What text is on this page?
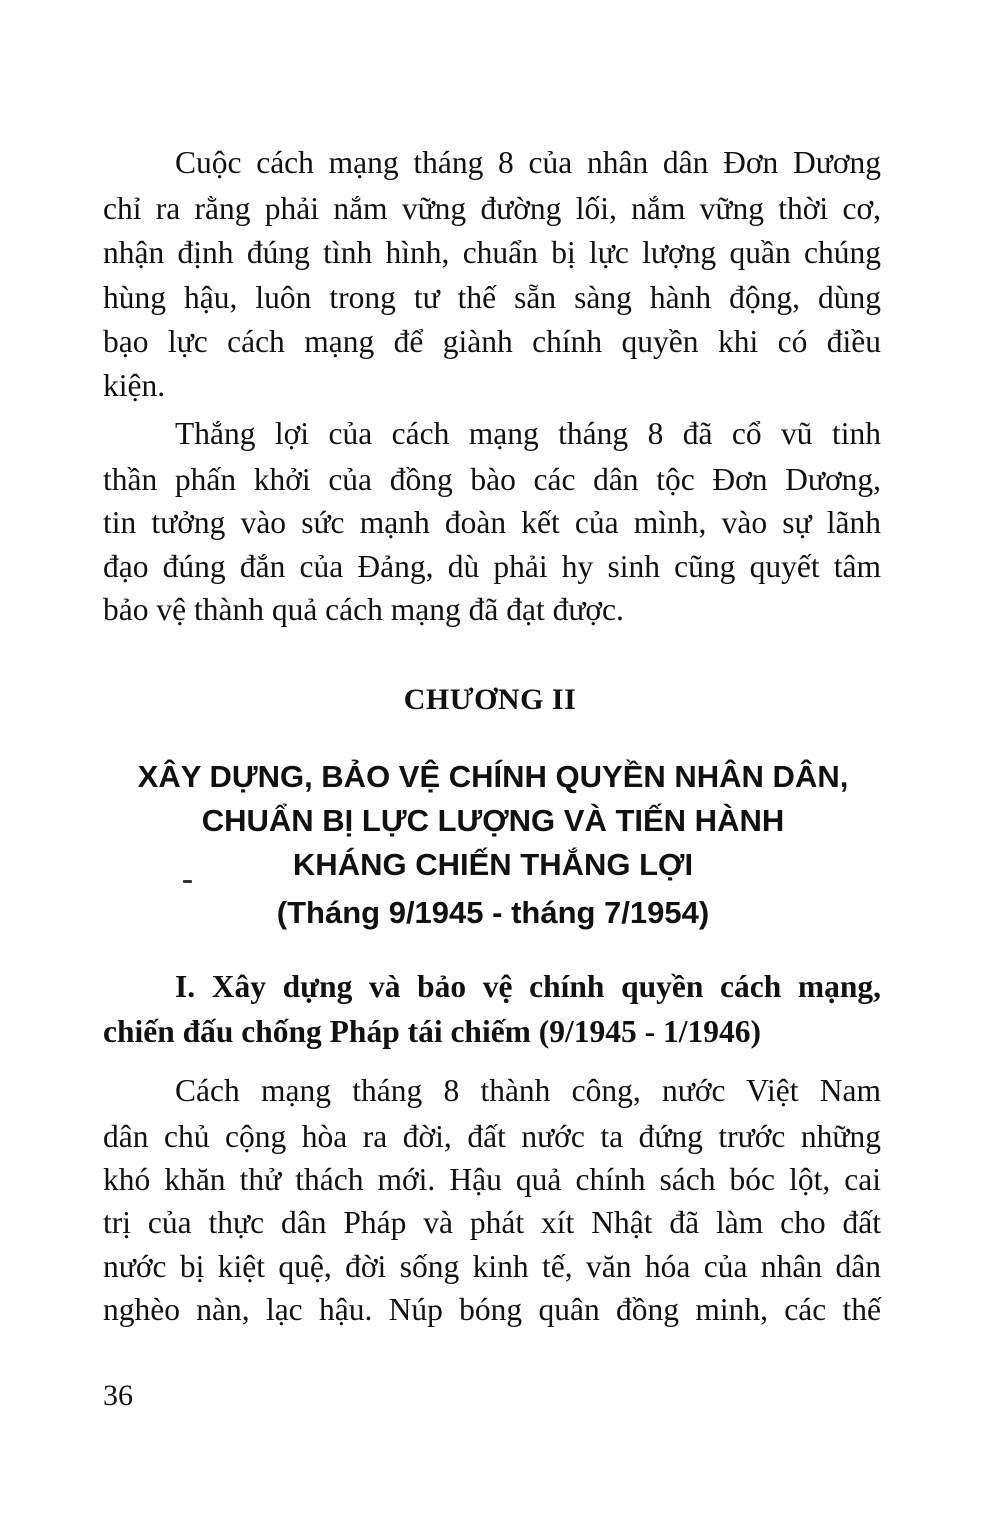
Cuộc cách mạng tháng 8 của nhân dân Đơn Dương
chỉ ra rằng phải nắm vững đường lối, nắm vững thời cơ,
nhận định đúng tình hình, chuẩn bị lực lượng quần chúng
hùng hậu, luôn trong tư thế sẵn sàng hành động, dùng
bạo lực cách mạng để giành chính quyền khi có điều
kiện.
Thắng lợi của cách mạng tháng 8 đã cổ vũ tinh
thần phấn khởi của đồng bào các dân tộc Đơn Dương,
tin tưởng vào sức mạnh đoàn kết của mình, vào sự lãnh
đạo đúng đắn của Đảng, dù phải hy sinh cũng quyết tâm
bảo vệ thành quả cách mạng đã đạt được.
CHƯƠNG II
XÂY DỰNG, BẢO VỆ CHÍNH QUYỀN NHÂN DÂN,
CHUẨN BỊ LỰC LƯỢNG VÀ TIẾN HÀNH
KHÁNG CHIẾN THẮNG LỢI
(Tháng 9/1945 - tháng 7/1954)
I. Xây dựng và bảo vệ chính quyền cách mạng,
chiến đấu chống Pháp tái chiếm (9/1945 - 1/1946)
Cách mạng tháng 8 thành công, nước Việt Nam
dân chủ cộng hòa ra đời, đất nước ta đứng trước những
khó khăn thử thách mới. Hậu quả chính sách bóc lột, cai
trị của thực dân Pháp và phát xít Nhật đã làm cho đất
nước bị kiệt quệ, đời sống kinh tế, văn hóa của nhân dân
nghèo nàn, lạc hậu. Núp bóng quân đồng minh, các thế
36
